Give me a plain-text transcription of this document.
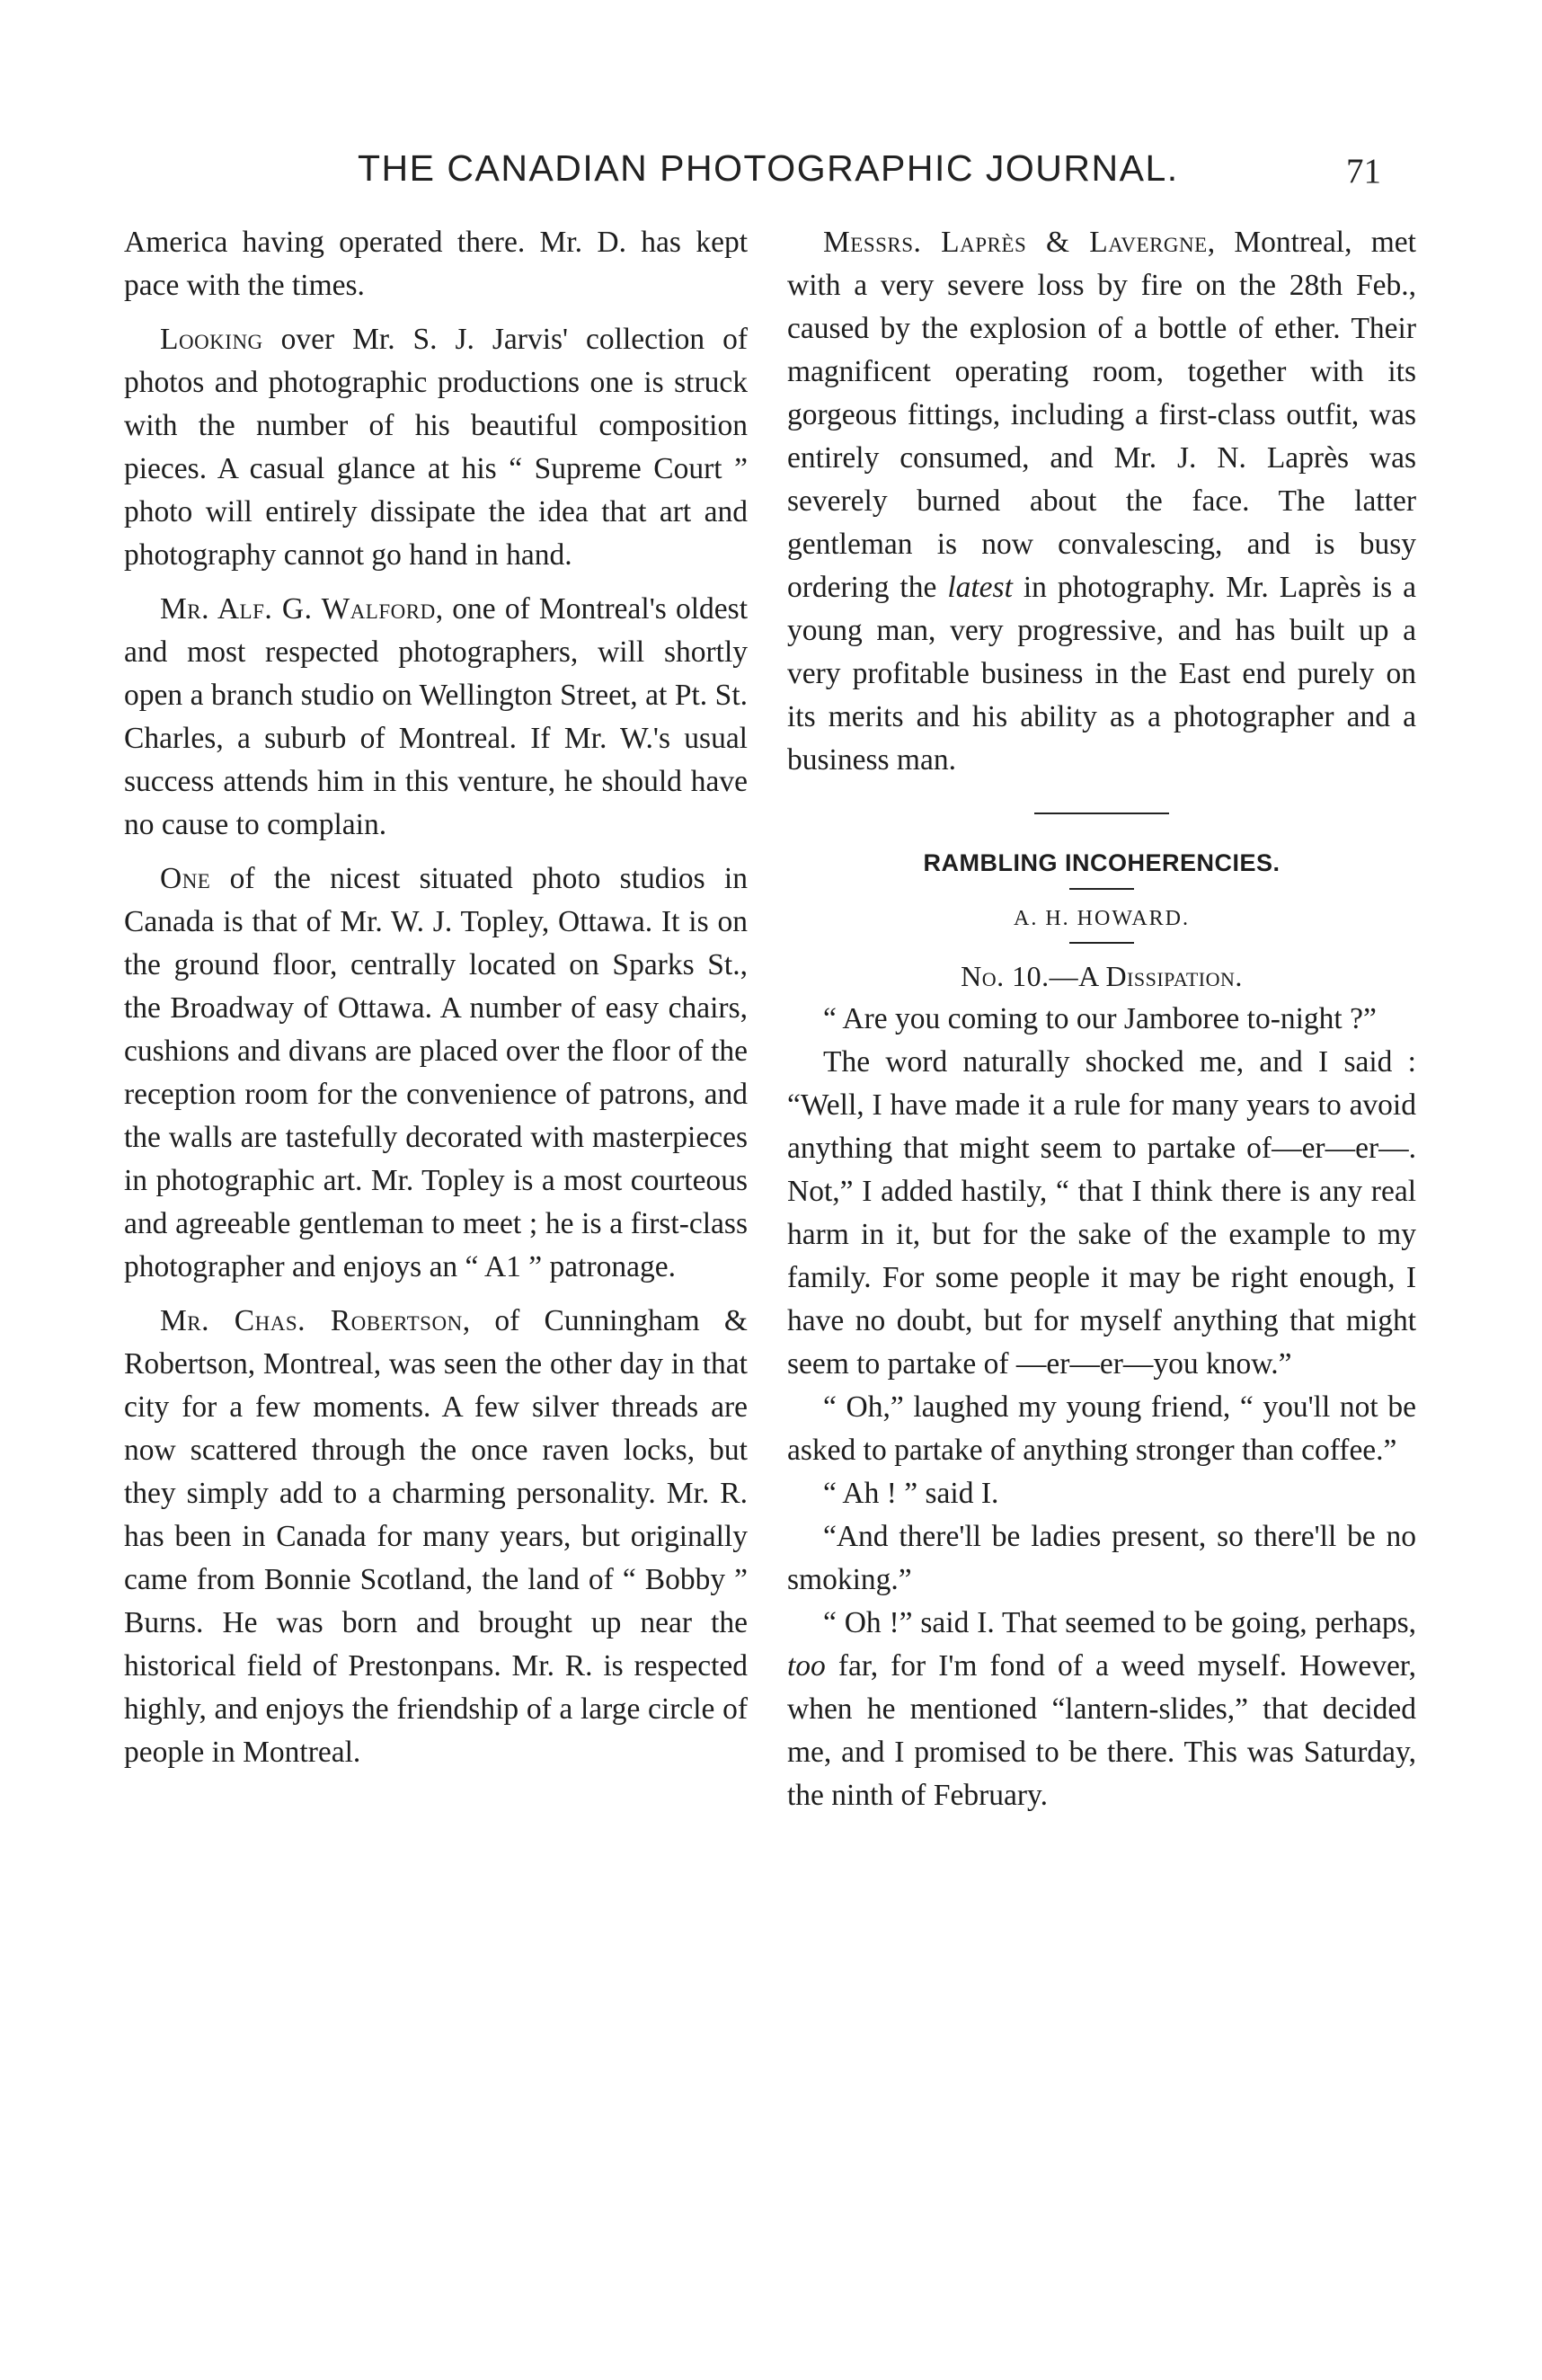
THE CANADIAN PHOTOGRAPHIC JOURNAL.	71

America having operated there. Mr. D. has kept pace with the times.

Looking over Mr. S. J. Jarvis' collection of photos and photographic productions one is struck with the number of his beautiful composition pieces. A casual glance at his “ Supreme Court ” photo will entirely dissipate the idea that art and photography cannot go hand in hand.

Mr. Alf. G. Walford, one of Montreal's oldest and most respected photographers, will shortly open a branch studio on Wellington Street, at Pt. St. Charles, a suburb of Montreal. If Mr. W.'s usual success attends him in this venture, he should have no cause to complain.

One of the nicest situated photo studios in Canada is that of Mr. W. J. Topley, Ottawa. It is on the ground floor, centrally located on Sparks St., the Broadway of Ottawa. A number of easy chairs, cushions and divans are placed over the floor of the reception room for the convenience of patrons, and the walls are tastefully decorated with masterpieces in photographic art. Mr. Topley is a most courteous and agreeable gentleman to meet ; he is a first-class photographer and enjoys an “ A1 ” patronage.

Mr. Chas. Robertson, of Cunningham & Robertson, Montreal, was seen the other day in that city for a few moments. A few silver threads are now scattered through the once raven locks, but they simply add to a charming personality. Mr. R. has been in Canada for many years, but originally came from Bonnie Scotland, the land of “ Bobby ” Burns. He was born and brought up near the historical field of Prestonpans. Mr. R. is respected highly, and enjoys the friendship of a large circle of people in Montreal.

Messrs. Laprès & Lavergne, Montreal, met with a very severe loss by fire on the 28th Feb., caused by the explosion of a bottle of ether. Their magnificent operating room, together with its gorgeous fittings, including a first-class outfit, was entirely consumed, and Mr. J. N. Laprès was severely burned about the face. The latter gentleman is now convalescing, and is busy ordering the latest in photography. Mr. Laprès is a young man, very progressive, and has built up a very profitable business in the East end purely on its merits and his ability as a photographer and a business man.

RAMBLING INCOHERENCIES.
A. H. HOWARD.
No. 10.—A Dissipation.

“ Are you coming to our Jamboree to-night ?”

The word naturally shocked me, and I said : “Well, I have made it a rule for many years to avoid anything that might seem to partake of—er—er—. Not,” I added hastily, “ that I think there is any real harm in it, but for the sake of the example to my family. For some people it may be right enough, I have no doubt, but for myself anything that might seem to partake of —er—er—you know.”

“ Oh,” laughed my young friend, “ you'll not be asked to partake of anything stronger than coffee.”

“ Ah ! ” said I.

“And there'll be ladies present, so there'll be no smoking.”

“ Oh !” said I. That seemed to be going, perhaps, too far, for I'm fond of a weed myself. However, when he mentioned “lantern-slides,” that decided me, and I promised to be there. This was Saturday, the ninth of February.
